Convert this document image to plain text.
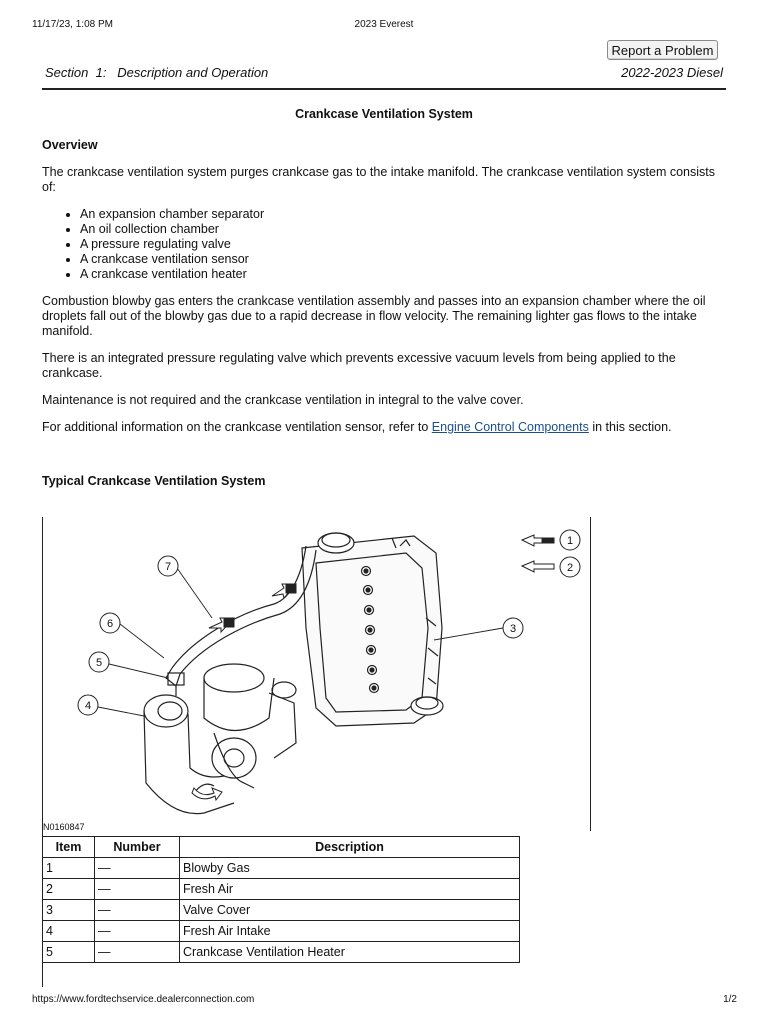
11/17/23, 1:08 PM	2023 Everest
Report a Problem
Section  1:   Description and Operation	2022-2023 Diesel
Crankcase Ventilation System
Overview

The crankcase ventilation system purges crankcase gas to the intake manifold. The crankcase ventilation system consists of:

• An expansion chamber separator
• An oil collection chamber
• A pressure regulating valve
• A crankcase ventilation sensor
• A crankcase ventilation heater

Combustion blowby gas enters the crankcase ventilation assembly and passes into an expansion chamber where the oil droplets fall out of the blowby gas due to a rapid decrease in flow velocity. The remaining lighter gas flows to the intake manifold.

There is an integrated pressure regulating valve which prevents excessive vacuum levels from being applied to the crankcase.

Maintenance is not required and the crankcase ventilation in integral to the valve cover.

For additional information on the crankcase ventilation sensor, refer to Engine Control Components in this section.

Typical Crankcase Ventilation System
1
2
3
4
5
6
7
N0160847
Item	Number	Description
1	—	Blowby Gas
2	—	Fresh Air
3	—	Valve Cover
4	—	Fresh Air Intake
5	—	Crankcase Ventilation Heater
https://www.fordtechservice.dealerconnection.com	1/2
